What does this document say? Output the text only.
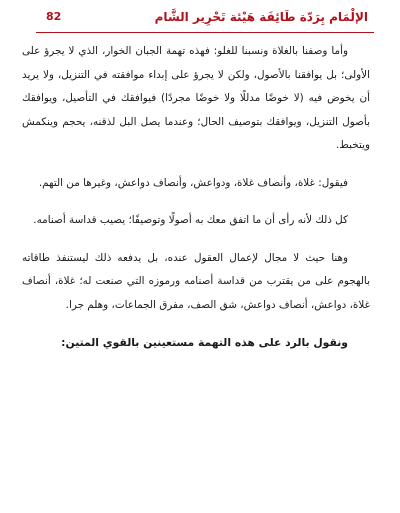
الإلْمَام بِرَدّة طَائِفَة هَيْئة تَحْرِير الشَّام
82

وأما وصفنا بالغلاة ونسبنا للغلو: فهذه تهمة الجبان الخوار، الذي لا يجرؤ على الأولى؛ بل يوافقنا بالأصول، ولكن لا يجرؤ على إبداء موافقته في التنزيل، ولا يريد أن يخوض فيه (لا خوضًا مدللًا ولا خوضًا مجردًا) فيوافقك في التأصيل، ويوافقك بأصول التنزيل، ويوافقك بتوصيف الحال؛ وعندما يصل البل لذقنه، يحجم وينكمش ويتخبط.

فيقول: غلاة، وأنصاف غلاة، ودواعش، وأنصاف دواعش، وغيرها من التهم.

كل ذلك لأنه رأى أن ما اتفق معك به أصولًا وتوصيفًا؛ يصيب قداسة أصنامه.

وهنا حيث لا مجال لإعمال العقول عنده، بل يدفعه ذلك ليستنفذ طاقاته بالهجوم على من يقترب من قداسة أصنامه ورموزه التي صنعت له؛ غلاة، أنصاف غلاة، دواعش، أنصاف دواعش، شق الصف، مفرق الجماعات، وهلم جرا.

ونقول بالرد على هذه التهمة مستعينين بالقوي المتين:
